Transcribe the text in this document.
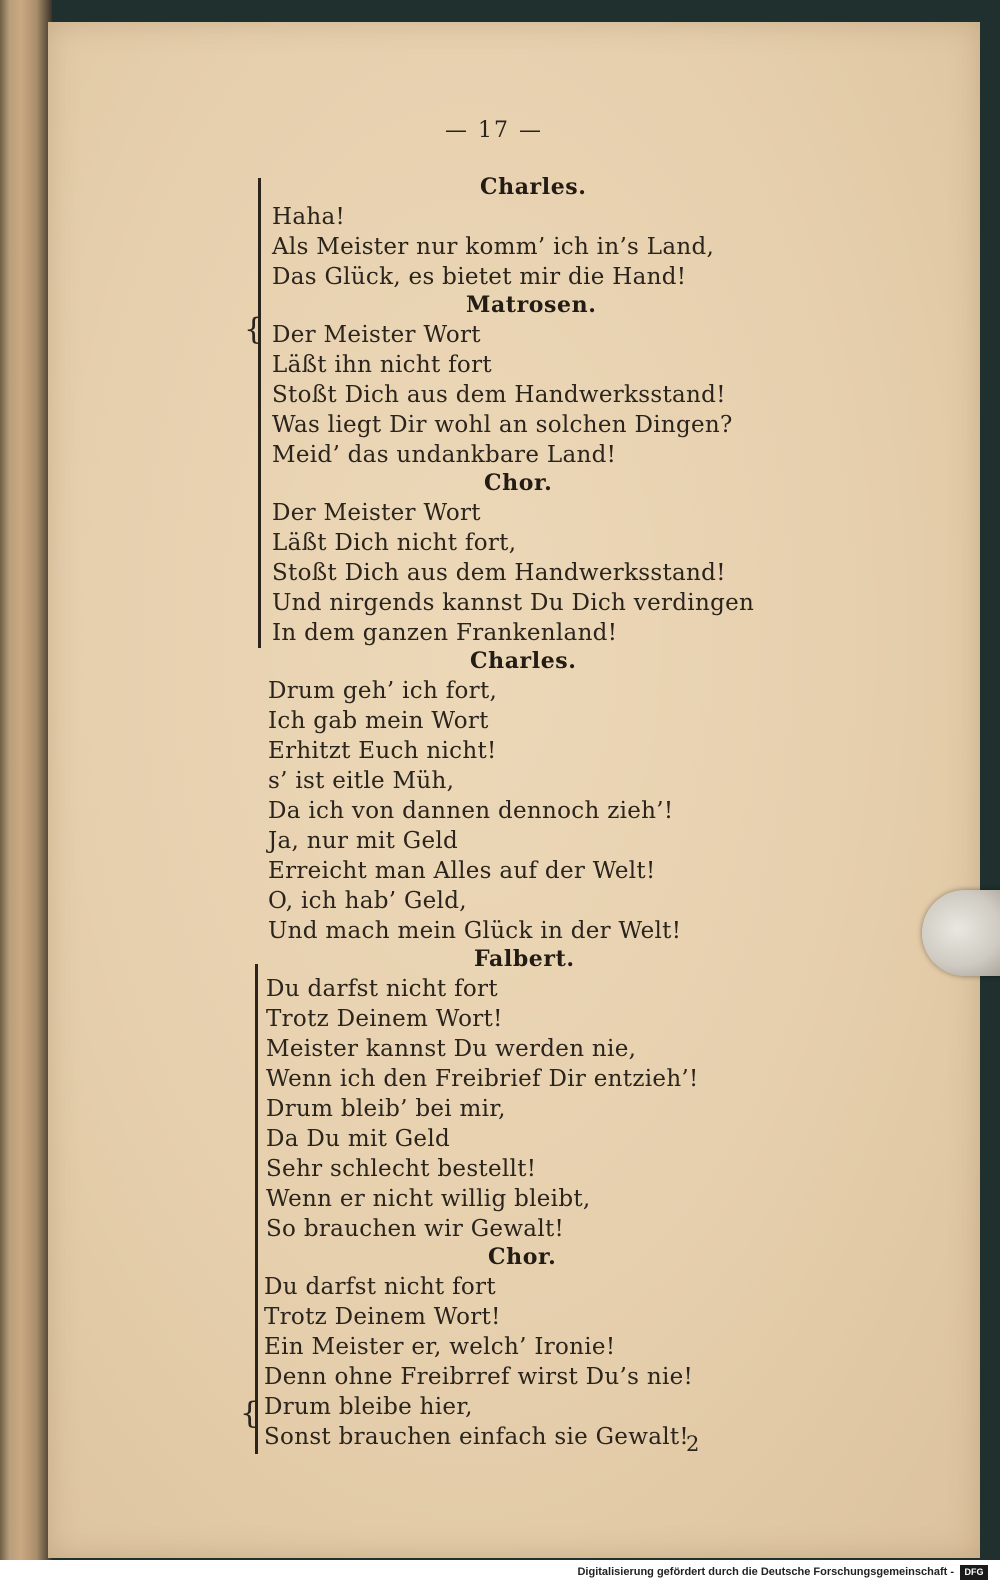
— 17 —
{
{
Charles.
Haha!
Als Meister nur komm’ ich in’s Land,
Das Glück, es bietet mir die Hand!
Matrosen.
Der Meister Wort
Läßt ihn nicht fort
Stoßt Dich aus dem Handwerksstand!
Was liegt Dir wohl an solchen Dingen?
Meid’ das undankbare Land!
Chor.
Der Meister Wort
Läßt Dich nicht fort,
Stoßt Dich aus dem Handwerksstand!
Und nirgends kannst Du Dich verdingen
In dem ganzen Frankenland!
Charles.
Drum geh’ ich fort,
Ich gab mein Wort
Erhitzt Euch nicht!
s’ ist eitle Müh,
Da ich von dannen dennoch zieh’!
Ja, nur mit Geld
Erreicht man Alles auf der Welt!
O, ich hab’ Geld,
Und mach mein Glück in der Welt!
Falbert.
Du darfst nicht fort
Trotz Deinem Wort!
Meister kannst Du werden nie,
Wenn ich den Freibrief Dir entzieh’!
Drum bleib’ bei mir,
Da Du mit Geld
Sehr schlecht bestellt!
Wenn er nicht willig bleibt,
So brauchen wir Gewalt!
Chor.
Du darfst nicht fort
Trotz Deinem Wort!
Ein Meister er, welch’ Ironie!
Denn ohne Freibrref wirst Du’s nie!
Drum bleibe hier,
Sonst brauchen einfach sie Gewalt!
2
Digitalisierung gefördert durch die Deutsche Forschungsgemeinschaft -	DFG
